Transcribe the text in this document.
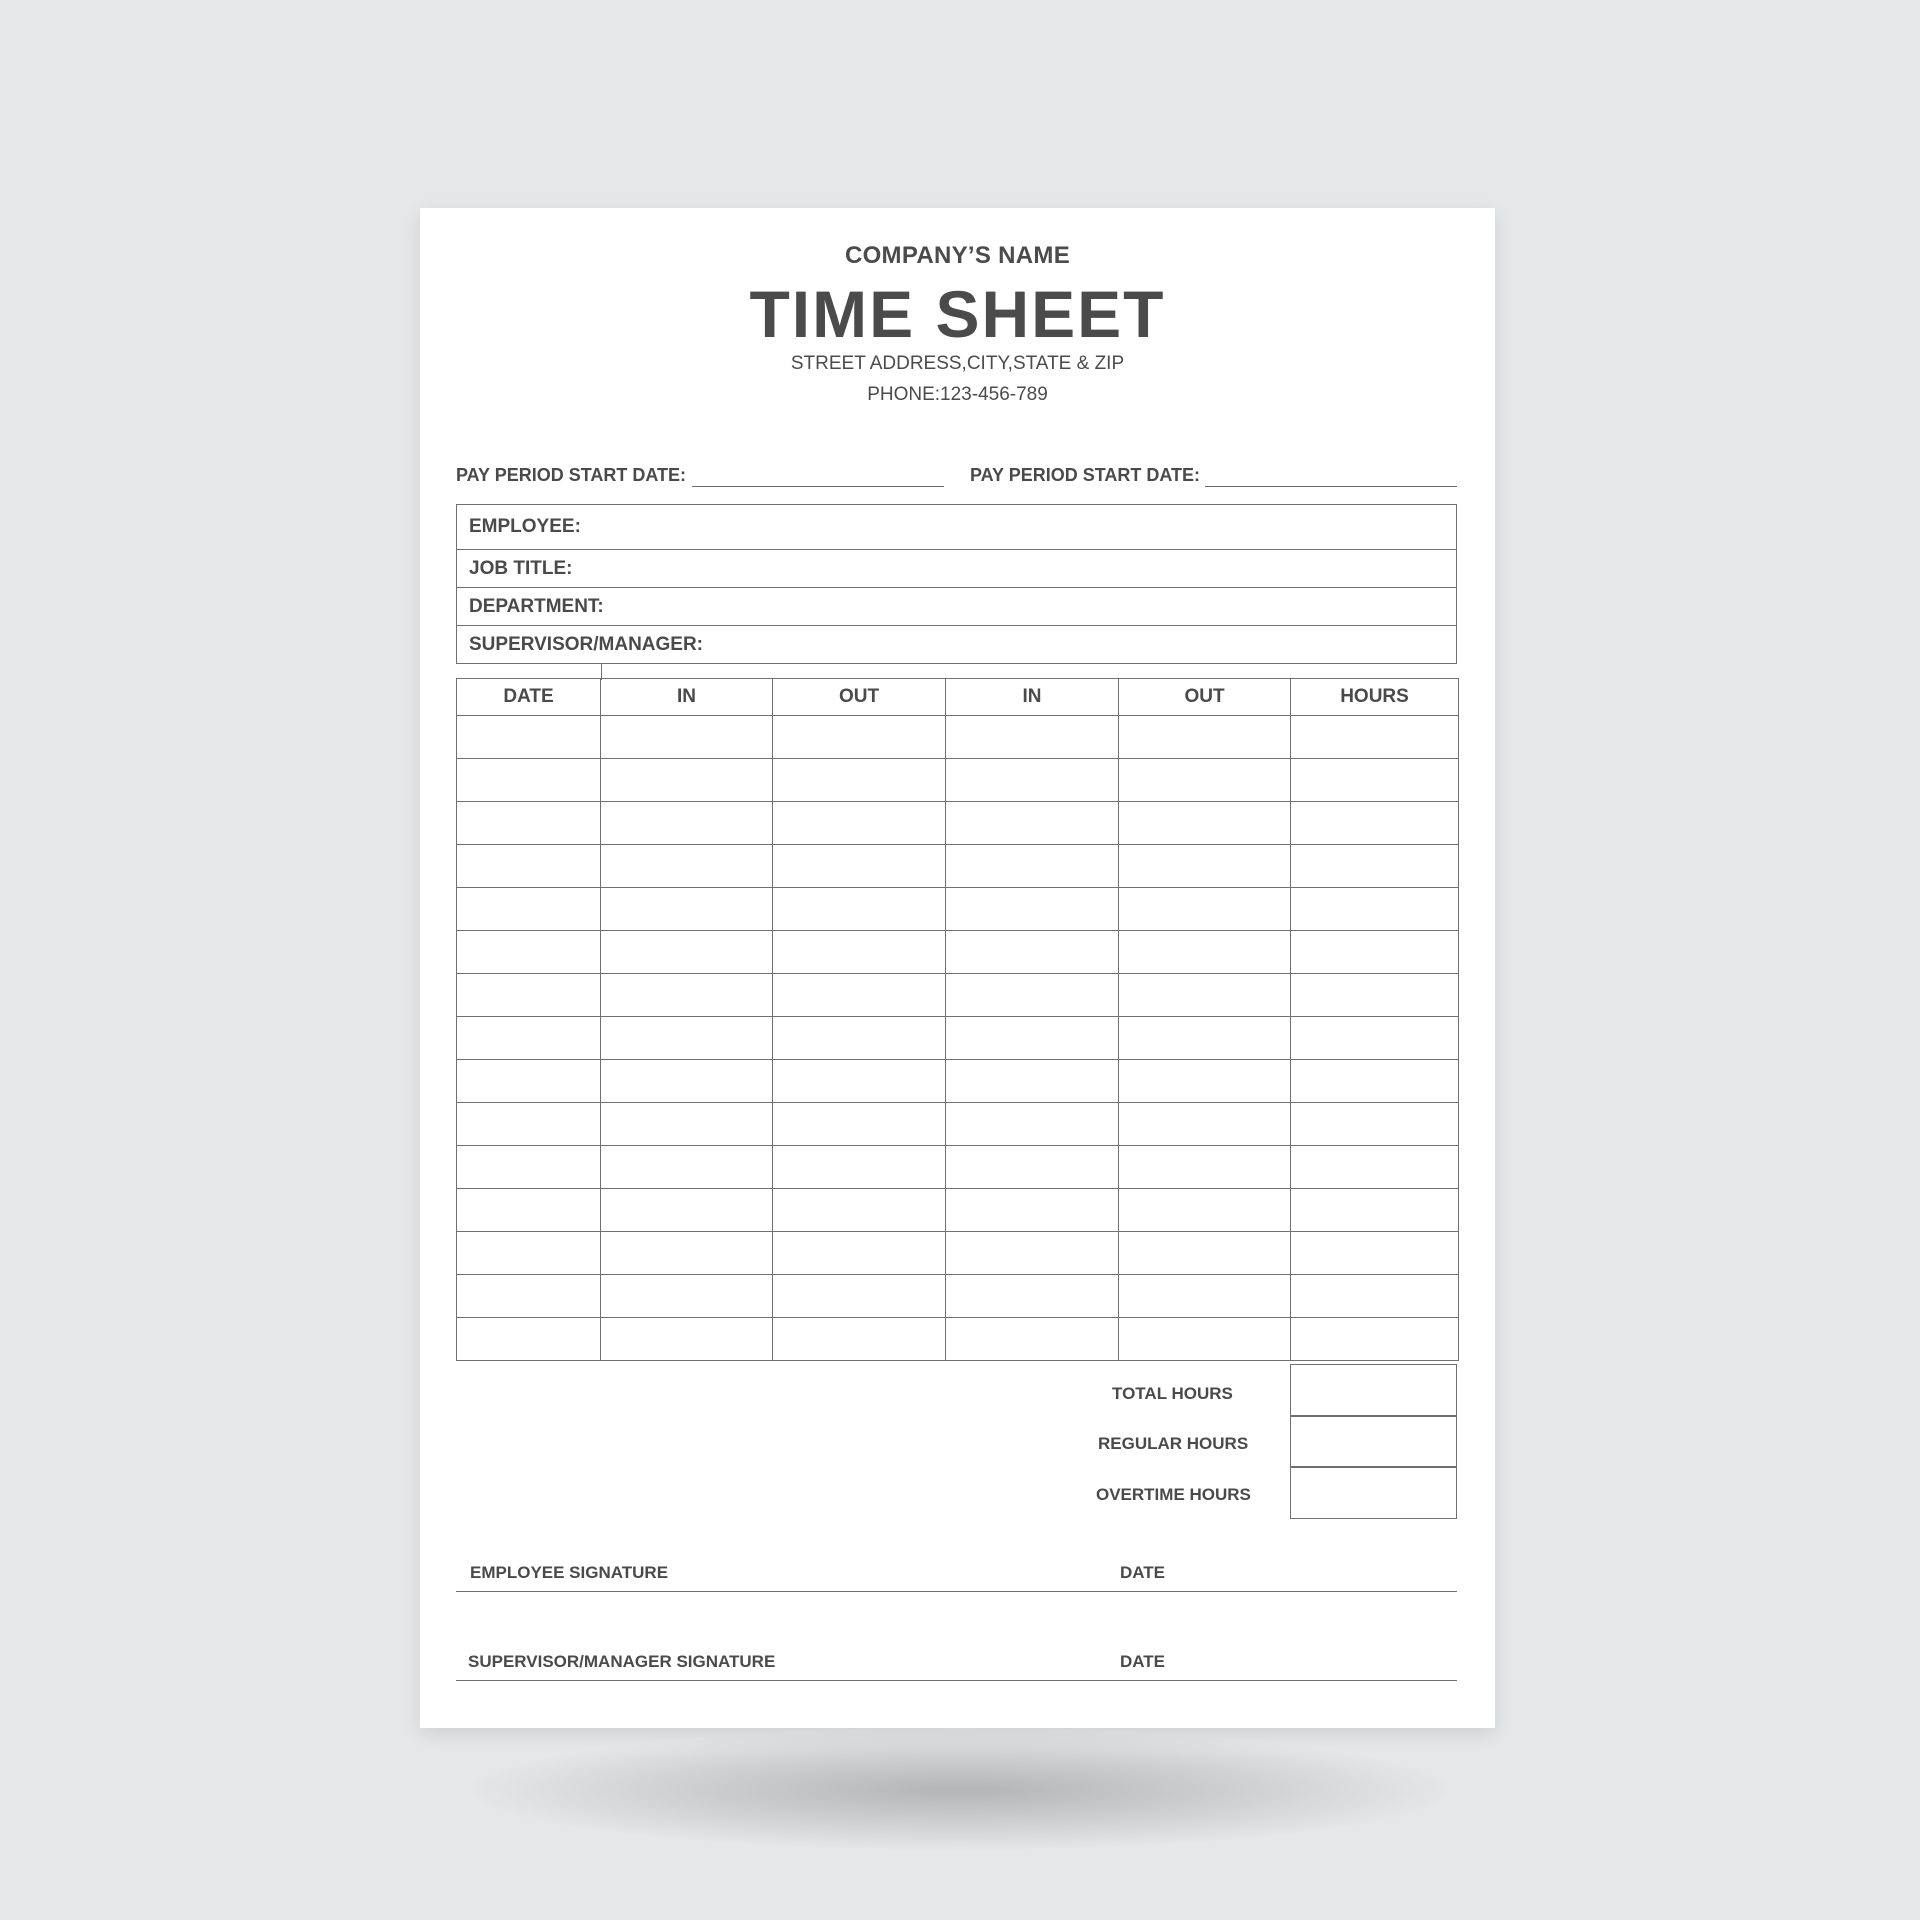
COMPANY’S NAME
TIME SHEET
STREET ADDRESS,CITY,STATE & ZIP
PHONE:123-456-789
PAY PERIOD START DATE:	PAY PERIOD START DATE:
EMPLOYEE:
JOB TITLE:
DEPARTMENT:
SUPERVISOR/MANAGER:
DATE	IN	OUT	IN	OUT	HOURS

TOTAL HOURS
REGULAR HOURS
OVERTIME HOURS
EMPLOYEE SIGNATURE	DATE
SUPERVISOR/MANAGER SIGNATURE	DATE
